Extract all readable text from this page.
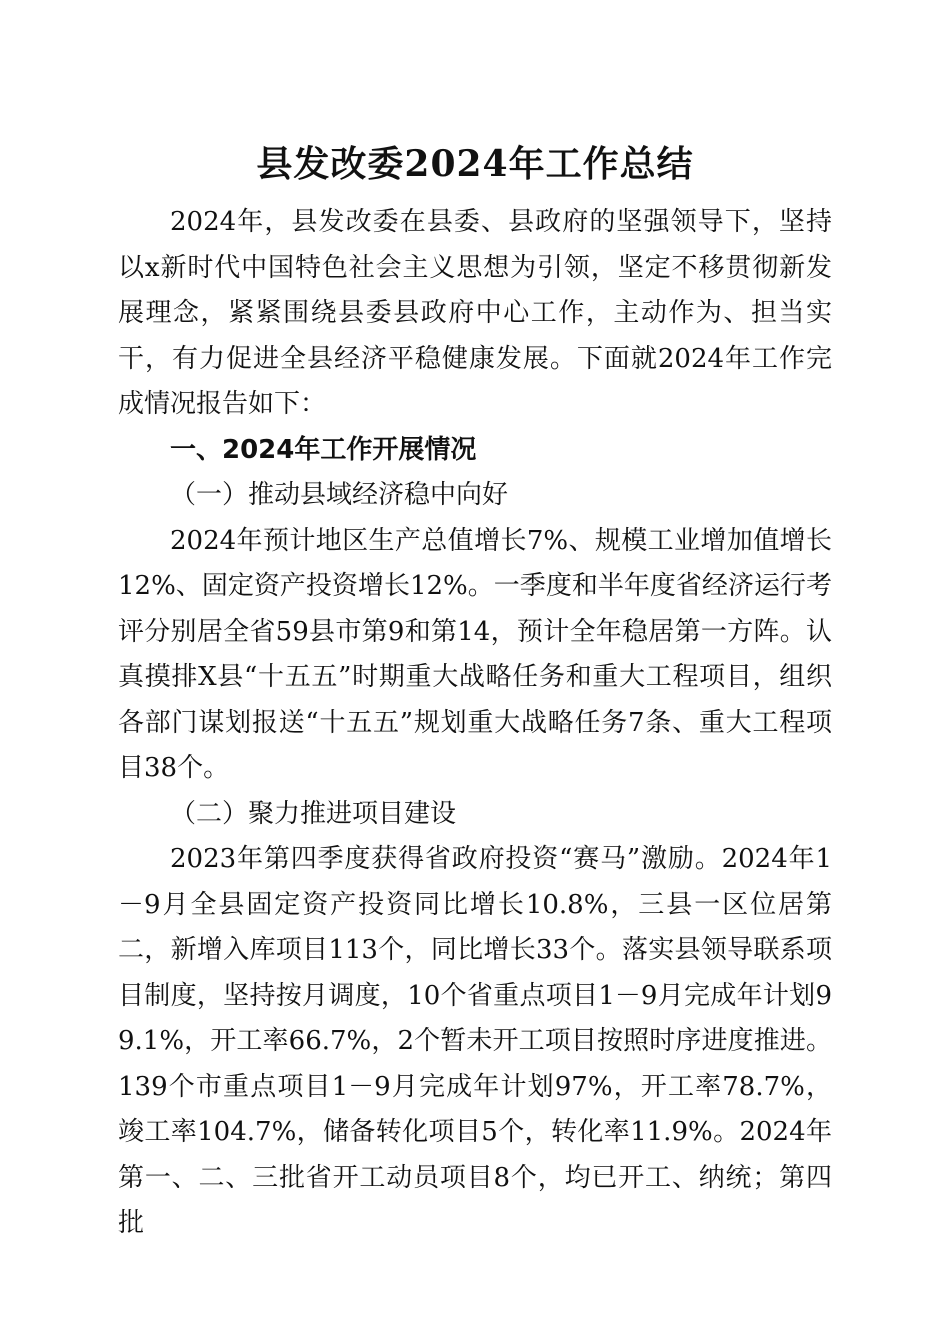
县发改委2024年工作总结

2024年，县发改委在县委、县政府的坚强领导下，坚持以x新时代中国特色社会主义思想为引领，坚定不移贯彻新发展理念，紧紧围绕县委县政府中心工作，主动作为、担当实干，有力促进全县经济平稳健康发展。下面就2024年工作完成情况报告如下：

一、2024年工作开展情况

（一）推动县域经济稳中向好

2024年预计地区生产总值增长7%、规模工业增加值增长12%、固定资产投资增长12%。一季度和半年度省经济运行考评分别居全省59县市第9和第14，预计全年稳居第一方阵。认真摸排X县“十五五”时期重大战略任务和重大工程项目，组织各部门谋划报送“十五五”规划重大战略任务7条、重大工程项目38个。

（二）聚力推进项目建设

2023年第四季度获得省政府投资“赛马”激励。2024年1－9月全县固定资产投资同比增长10.8%，三县一区位居第二，新增入库项目113个，同比增长33个。落实县领导联系项目制度，坚持按月调度，10个省重点项目1－9月完成年计划99.1%，开工率66.7%，2个暂未开工项目按照时序进度推进。139个市重点项目1－9月完成年计划97%，开工率78.7%，竣工率104.7%，储备转化项目5个，转化率11.9%。2024年第一、二、三批省开工动员项目8个，均已开工、纳统；第四批
